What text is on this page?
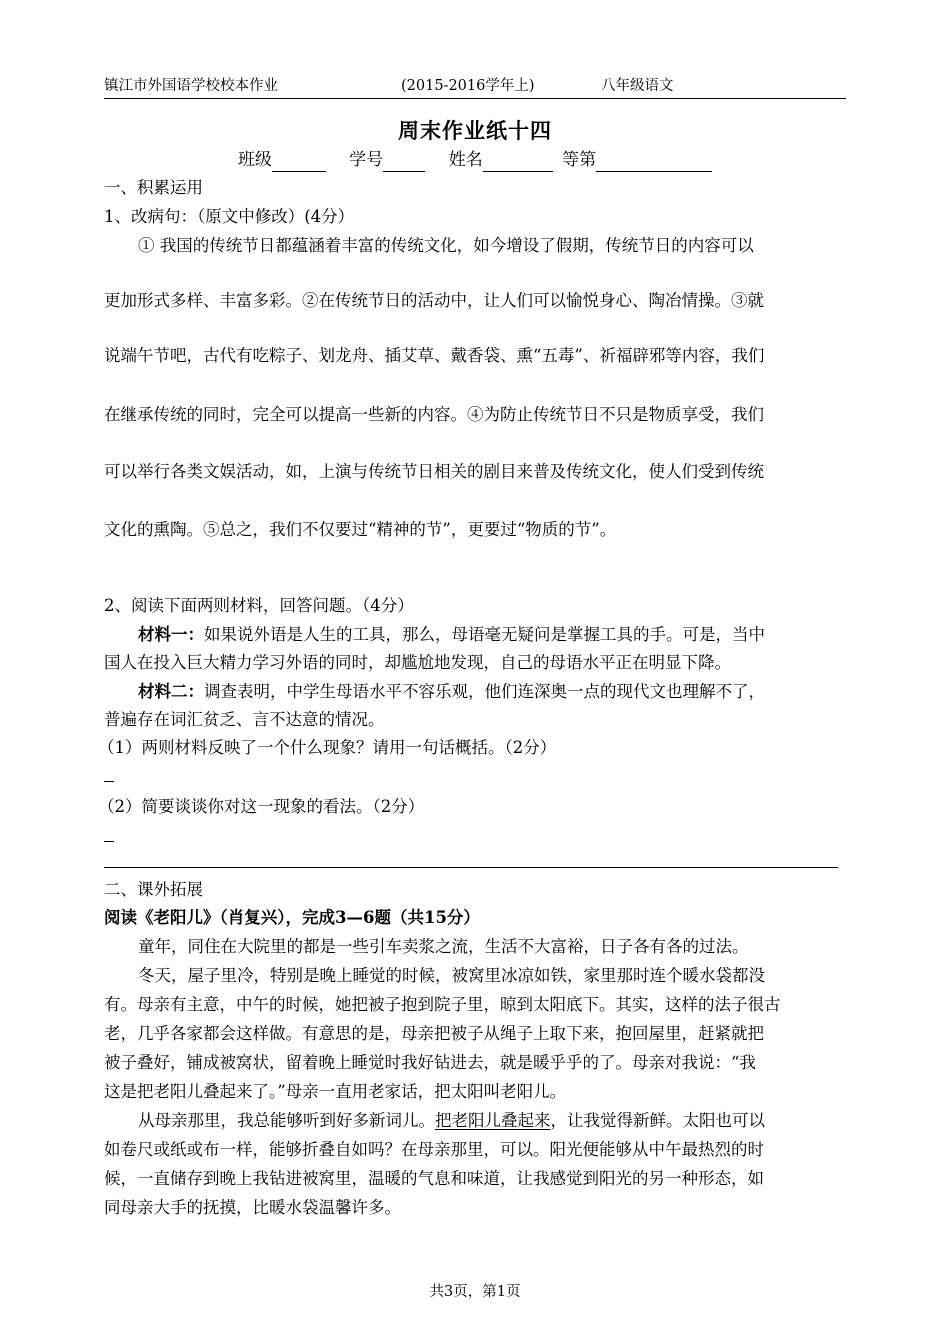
镇江市外国语学校校本作业	(2015-2016学年上)	八年级语文
周末作业纸十四
班级	学号	姓名	等第
一、积累运用
1、改病句：（原文中修改）(4分）
① 我国的传统节日都蕴涵着丰富的传统文化，如今增设了假期，传统节日的内容可以
更加形式多样、丰富多彩。②在传统节日的活动中，让人们可以愉悦身心、陶冶情操。③就
说端午节吧，古代有吃粽子、划龙舟、插艾草、戴香袋、熏“五毒”、祈福辟邪等内容，我们
在继承传统的同时，完全可以提高一些新的内容。④为防止传统节日不只是物质享受，我们
可以举行各类文娱活动，如，上演与传统节日相关的剧目来普及传统文化，使人们受到传统
文化的熏陶。⑤总之，我们不仅要过“精神的节”，更要过“物质的节”。
2、阅读下面两则材料，回答问题。（4分）
材料一：如果说外语是人生的工具，那么，母语毫无疑问是掌握工具的手。可是，当中
国人在投入巨大精力学习外语的同时，却尴尬地发现，自己的母语水平正在明显下降。
材料二：调查表明，中学生母语水平不容乐观，他们连深奥一点的现代文也理解不了，
普遍存在词汇贫乏、言不达意的情况。
（1）两则材料反映了一个什么现象？请用一句话概括。（2分）
（2）简要谈谈你对这一现象的看法。（2分）
二、课外拓展
阅读《老阳儿》（肖复兴），完成3—6题（共15分）
童年，同住在大院里的都是一些引车卖浆之流，生活不大富裕，日子各有各的过法。
冬天，屋子里冷，特别是晚上睡觉的时候，被窝里冰凉如铁，家里那时连个暖水袋都没
有。母亲有主意，中午的时候，她把被子抱到院子里，晾到太阳底下。其实，这样的法子很古
老，几乎各家都会这样做。有意思的是，母亲把被子从绳子上取下来，抱回屋里，赶紧就把
被子叠好，铺成被窝状，留着晚上睡觉时我好钻进去，就是暖乎乎的了。母亲对我说：“我
这是把老阳儿叠起来了。”母亲一直用老家话，把太阳叫老阳儿。
从母亲那里，我总能够听到好多新词儿。把老阳儿叠起来，让我觉得新鲜。太阳也可以
如卷尺或纸或布一样，能够折叠自如吗？在母亲那里，可以。阳光便能够从中午最热烈的时
候，一直储存到晚上我钻进被窝里，温暖的气息和味道，让我感觉到阳光的另一种形态，如
同母亲大手的抚摸，比暖水袋温馨许多。
共3页，第1页
